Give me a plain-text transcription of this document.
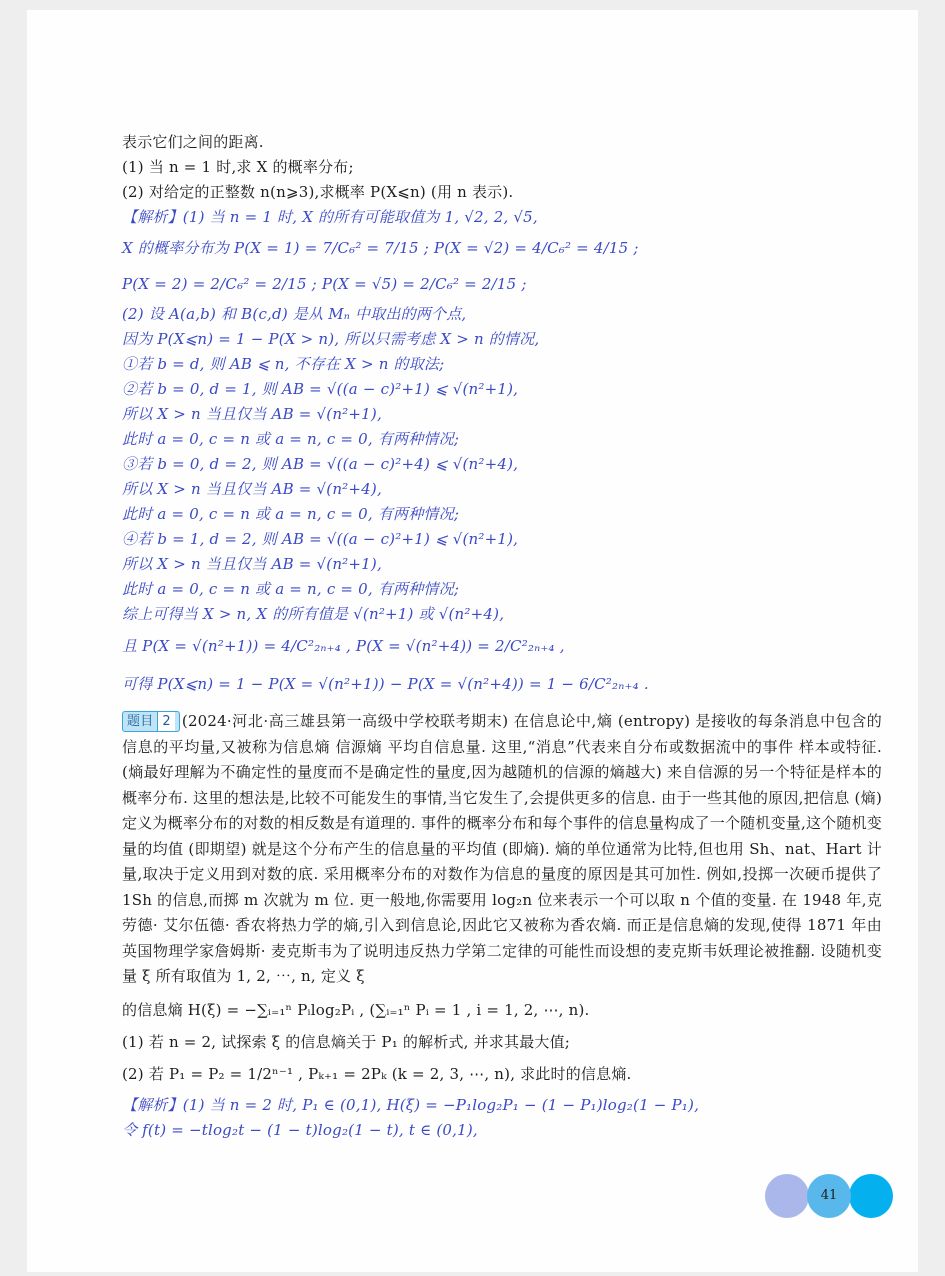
表示它们之间的距离.
(1) 当 n = 1 时,求 X 的概率分布;
(2) 对给定的正整数 n(n⩾3),求概率 P(X⩽n) (用 n 表示).
【解析】(1) 当 n = 1 时, X 的所有可能取值为 1, √2, 2, √5,
X 的概率分布为 P(X = 1) = 7/C₆² = 7/15 ; P(X = √2) = 4/C₆² = 4/15 ;
P(X = 2) = 2/C₆² = 2/15 ; P(X = √5) = 2/C₆² = 2/15 ;
(2) 设 A(a,b) 和 B(c,d) 是从 Mₙ 中取出的两个点,
因为 P(X⩽n) = 1 − P(X > n), 所以只需考虑 X > n 的情况,
①若 b = d, 则 AB ⩽ n, 不存在 X > n 的取法;
②若 b = 0, d = 1, 则 AB = √((a − c)²+1) ⩽ √(n²+1),
所以 X > n 当且仅当 AB = √(n²+1),
此时 a = 0, c = n 或 a = n, c = 0, 有两种情况;
③若 b = 0, d = 2, 则 AB = √((a − c)²+4) ⩽ √(n²+4),
所以 X > n 当且仅当 AB = √(n²+4),
此时 a = 0, c = n 或 a = n, c = 0, 有两种情况;
④若 b = 1, d = 2, 则 AB = √((a − c)²+1) ⩽ √(n²+1),
所以 X > n 当且仅当 AB = √(n²+1),
此时 a = 0, c = n 或 a = n, c = 0, 有两种情况;
综上可得当 X > n, X 的所有值是 √(n²+1) 或 √(n²+4),
且 P(X = √(n²+1)) = 4/C²₂ₙ₊₄ , P(X = √(n²+4)) = 2/C²₂ₙ₊₄ ,
可得 P(X⩽n) = 1 − P(X = √(n²+1)) − P(X = √(n²+4)) = 1 − 6/C²₂ₙ₊₄ .
题目 2 (2024·河北·高三雄县第一高级中学校联考期末) 在信息论中,熵 (entropy) 是接收的每条消息中包含的信息的平均量,又被称为信息熵 信源熵 平均自信息量. 这里,“消息”代表来自分布或数据流中的事件 样本或特征. (熵最好理解为不确定性的量度而不是确定性的量度,因为越随机的信源的熵越大) 来自信源的另一个特征是样本的概率分布. 这里的想法是,比较不可能发生的事情,当它发生了,会提供更多的信息. 由于一些其他的原因,把信息 (熵) 定义为概率分布的对数的相反数是有道理的. 事件的概率分布和每个事件的信息量构成了一个随机变量,这个随机变量的均值 (即期望) 就是这个分布产生的信息量的平均值 (即熵). 熵的单位通常为比特,但也用 Sh、nat、Hart 计量,取决于定义用到对数的底. 采用概率分布的对数作为信息的量度的原因是其可加性. 例如,投掷一次硬币提供了 1Sh 的信息,而掷 m 次就为 m 位. 更一般地,你需要用 log₂n 位来表示一个可以取 n 个值的变量. 在 1948 年,克劳德· 艾尔伍德· 香农将热力学的熵,引入到信息论,因此它又被称为香农熵. 而正是信息熵的发现,使得 1871 年由英国物理学家詹姆斯· 麦克斯韦为了说明违反热力学第二定律的可能性而设想的麦克斯韦妖理论被推翻. 设随机变量 ξ 所有取值为 1, 2, ⋯, n, 定义 ξ
的信息熵 H(ξ) = −∑ᵢ₌₁ⁿ Pᵢlog₂Pᵢ , (∑ᵢ₌₁ⁿ Pᵢ = 1 , i = 1, 2, ⋯, n).
(1) 若 n = 2, 试探索 ξ 的信息熵关于 P₁ 的解析式, 并求其最大值;
(2) 若 P₁ = P₂ = 1/2ⁿ⁻¹ , Pₖ₊₁ = 2Pₖ (k = 2, 3, ⋯, n), 求此时的信息熵.
【解析】(1) 当 n = 2 时, P₁ ∈ (0,1), H(ξ) = −P₁log₂P₁ − (1 − P₁)log₂(1 − P₁),
令 f(t) = −tlog₂t − (1 − t)log₂(1 − t), t ∈ (0,1),
41
